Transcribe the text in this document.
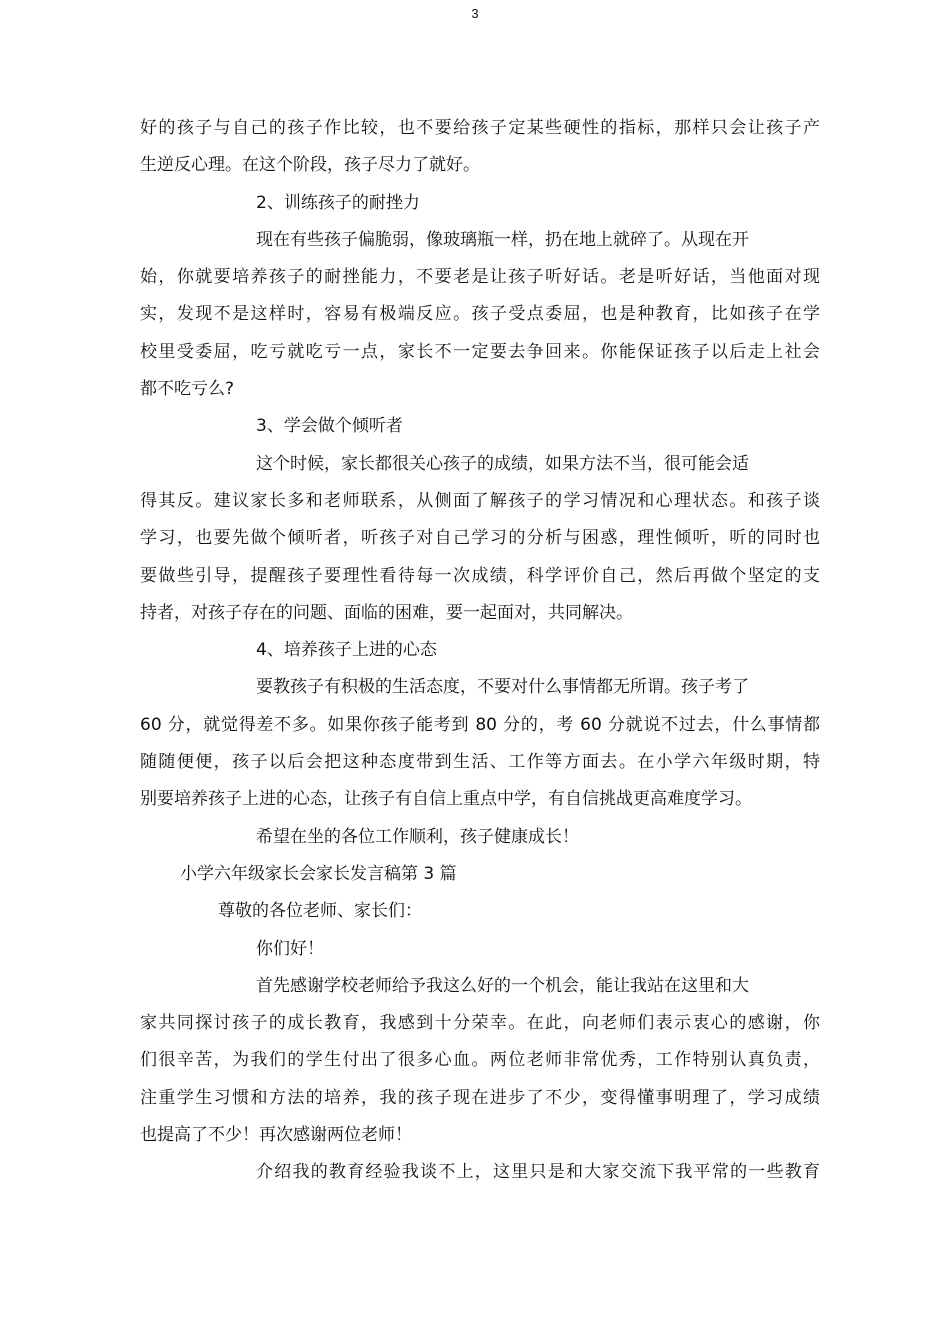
3
好的孩子与自己的孩子作比较，也不要给孩子定某些硬性的指标，那样只会让孩子产
生逆反心理。在这个阶段，孩子尽力了就好。
2、训练孩子的耐挫力
现在有些孩子偏脆弱，像玻璃瓶一样，扔在地上就碎了。从现在开
始，你就要培养孩子的耐挫能力，不要老是让孩子听好话。老是听好话，当他面对现
实，发现不是这样时，容易有极端反应。孩子受点委屈，也是种教育，比如孩子在学
校里受委屈，吃亏就吃亏一点，家长不一定要去争回来。你能保证孩子以后走上社会
都不吃亏么?
3、学会做个倾听者
这个时候，家长都很关心孩子的成绩，如果方法不当，很可能会适
得其反。建议家长多和老师联系，从侧面了解孩子的学习情况和心理状态。和孩子谈
学习，也要先做个倾听者，听孩子对自己学习的分析与困惑，理性倾听，听的同时也
要做些引导，提醒孩子要理性看待每一次成绩，科学评价自己，然后再做个坚定的支
持者，对孩子存在的问题、面临的困难，要一起面对，共同解决。
4、培养孩子上进的心态
要教孩子有积极的生活态度，不要对什么事情都无所谓。孩子考了
60 分，就觉得差不多。如果你孩子能考到 80 分的，考 60 分就说不过去，什么事情都
随随便便，孩子以后会把这种态度带到生活、工作等方面去。在小学六年级时期，特
别要培养孩子上进的心态，让孩子有自信上重点中学，有自信挑战更高难度学习。
希望在坐的各位工作顺利，孩子健康成长！
小学六年级家长会家长发言稿第 3 篇
尊敬的各位老师、家长们：
你们好！
首先感谢学校老师给予我这么好的一个机会，能让我站在这里和大
家共同探讨孩子的成长教育，我感到十分荣幸。在此，向老师们表示衷心的感谢，你
们很辛苦，为我们的学生付出了很多心血。两位老师非常优秀，工作特别认真负责，
注重学生习惯和方法的培养，我的孩子现在进步了不少，变得懂事明理了，学习成绩
也提高了不少！再次感谢两位老师！
介绍我的教育经验我谈不上，这里只是和大家交流下我平常的一些教育
